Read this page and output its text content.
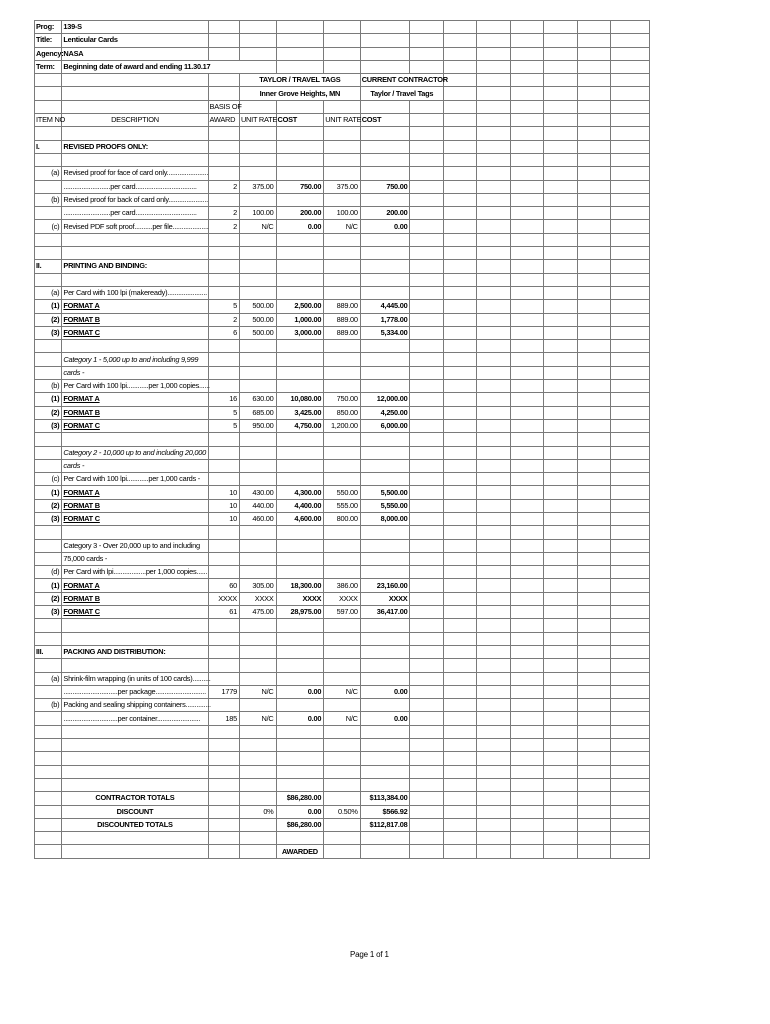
Prog:	139-S												
Title:	Lenticular Cards												
Agency:	NASA												
Term:	Beginning date of award and ending 11.30.17												
			TAYLOR / TRAVEL TAGS			CURRENT CONTRACTOR							
			Inner Grove Heights, MN			Taylor / Travel Tags							
		BASIS OF											
ITEM NO	DESCRIPTION	AWARD	UNIT RATE	COST	UNIT RATE	COST							

I.	REVISED PROOFS ONLY:												

(a)	Revised proof for face of card only.......................												
	..........................per card..................................	2	375.00	750.00	375.00	750.00							
(b)	Revised proof for back of card only......................												
	..........................per card..................................	2	100.00	200.00	100.00	200.00							
(c)	Revised PDF soft proof..........per file....................	2	N/C	0.00	N/C	0.00							

II.	PRINTING AND BINDING:												

(a)	Per Card with 100 lpi (makeready)......................												
(1)	FORMAT A	5	500.00	2,500.00	889.00	4,445.00							
(2)	FORMAT B	2	500.00	1,000.00	889.00	1,778.00							
(3)	FORMAT C	6	500.00	3,000.00	889.00	5,334.00							

	Category 1 - 5,000 up to and including 9,999												
	cards -												
(b)	Per Card with 100 lpi............per 1,000 copies......												
(1)	FORMAT A	16	630.00	10,080.00	750.00	12,000.00							
(2)	FORMAT B	5	685.00	3,425.00	850.00	4,250.00							
(3)	FORMAT C	5	950.00	4,750.00	1,200.00	6,000.00							

	Category 2 - 10,000 up to and including 20,000												
	cards -												
(c)	Per Card with 100 lpi............per 1,000 cards -												
(1)	FORMAT A	10	430.00	4,300.00	550.00	5,500.00							
(2)	FORMAT B	10	440.00	4,400.00	555.00	5,550.00							
(3)	FORMAT C	10	460.00	4,600.00	800.00	8,000.00							

	Category 3 - Over 20,000 up to and including												
	75,000 cards -												
(d)	Per Card with lpi..................per 1,000 copies......												
(1)	FORMAT A	60	305.00	18,300.00	386.00	23,160.00							
(2)	FORMAT B	XXXX	XXXX	XXXX	XXXX	XXXX							
(3)	FORMAT C	61	475.00	28,975.00	597.00	36,417.00							

III.	PACKING AND DISTRIBUTION:												

(a)	Shrink-film wrapping (in units of 100 cards)..........												
	..............................per package............................	1779	N/C	0.00	N/C	0.00							
(b)	Packing and sealing shipping containers..............												
	..............................per container........................	185	N/C	0.00	N/C	0.00							

	CONTRACTOR TOTALS			$86,280.00		$113,384.00							
	DISCOUNT		0%	0.00	0.50%	$566.92							
	DISCOUNTED TOTALS			$86,280.00		$112,817.08							

				AWARDED									
Page 1 of 1
